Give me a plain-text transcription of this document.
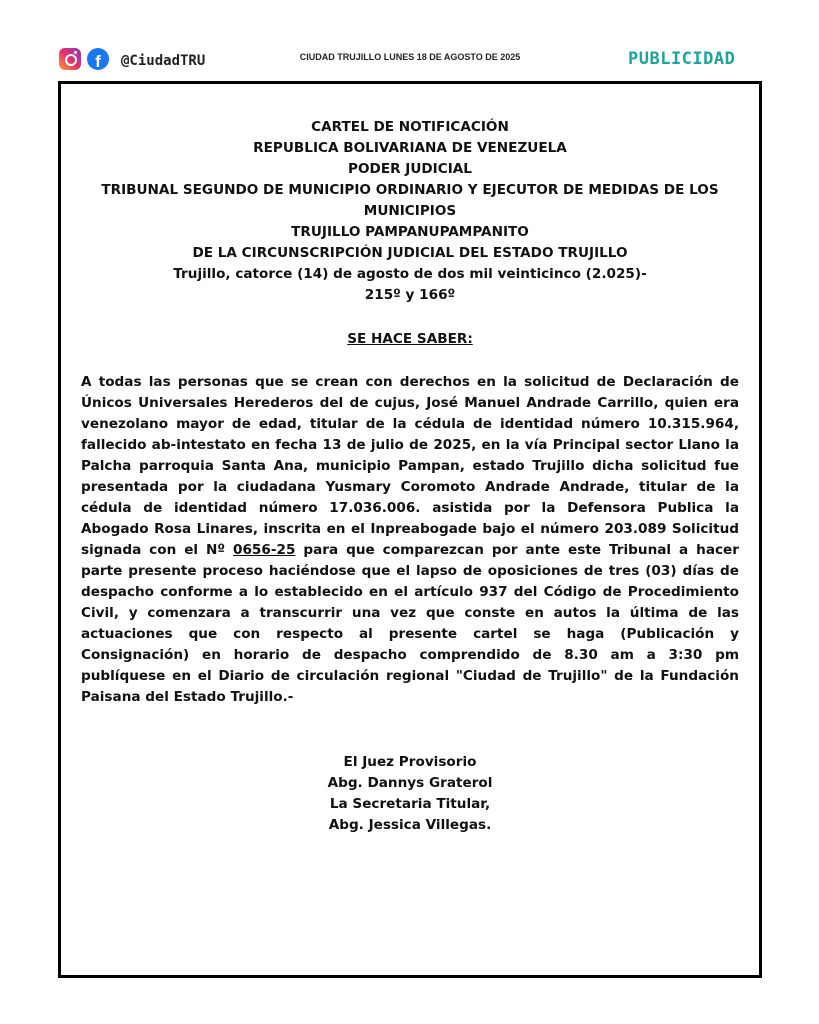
f @CiudadTRU	CIUDAD TRUJILLO LUNES 18 DE AGOSTO DE 2025	PUBLICIDAD
CARTEL DE NOTIFICACIÓN
REPUBLICA BOLIVARIANA DE VENEZUELA
PODER JUDICIAL
TRIBUNAL SEGUNDO DE MUNICIPIO ORDINARIO Y EJECUTOR DE MEDIDAS DE LOS MUNICIPIOS
TRUJILLO PAMPANUPAMPANITO
DE LA CIRCUNSCRIPCIÓN JUDICIAL DEL ESTADO TRUJILLO
Trujillo, catorce (14) de agosto de dos mil veinticinco (2.025)-
215º y 166º
SE HACE SABER:
A todas las personas que se crean con derechos en la solicitud de Declaración de Únicos Universales Herederos del de cujus, José Manuel Andrade Carrillo, quien era venezolano mayor de edad, titular de la cédula de identidad número 10.315.964, fallecido ab-intestato en fecha 13 de julio de 2025, en la vía Principal sector Llano la Palcha parroquia Santa Ana, municipio Pampan, estado Trujillo dicha solicitud fue presentada por la ciudadana Yusmary Coromoto Andrade Andrade, titular de la cédula de identidad número 17.036.006. asistida por la Defensora Publica la Abogado Rosa Linares, inscrita en el Inpreabogade bajo el número 203.089 Solicitud signada con el Nº 0656-25 para que comparezcan por ante este Tribunal a hacer parte presente proceso haciéndose que el lapso de oposiciones de tres (03) días de despacho conforme a lo establecido en el artículo 937 del Código de Procedimiento Civil, y comenzara a transcurrir una vez que conste en autos la última de las actuaciones que con respecto al presente cartel se haga (Publicación y Consignación) en horario de despacho comprendido de 8.30 am a 3:30 pm publíquese en el Diario de circulación regional "Ciudad de Trujillo" de la Fundación Paisana del Estado Trujillo.-
El Juez Provisorio
Abg. Dannys Graterol
La Secretaria Titular,
Abg. Jessica Villegas.
